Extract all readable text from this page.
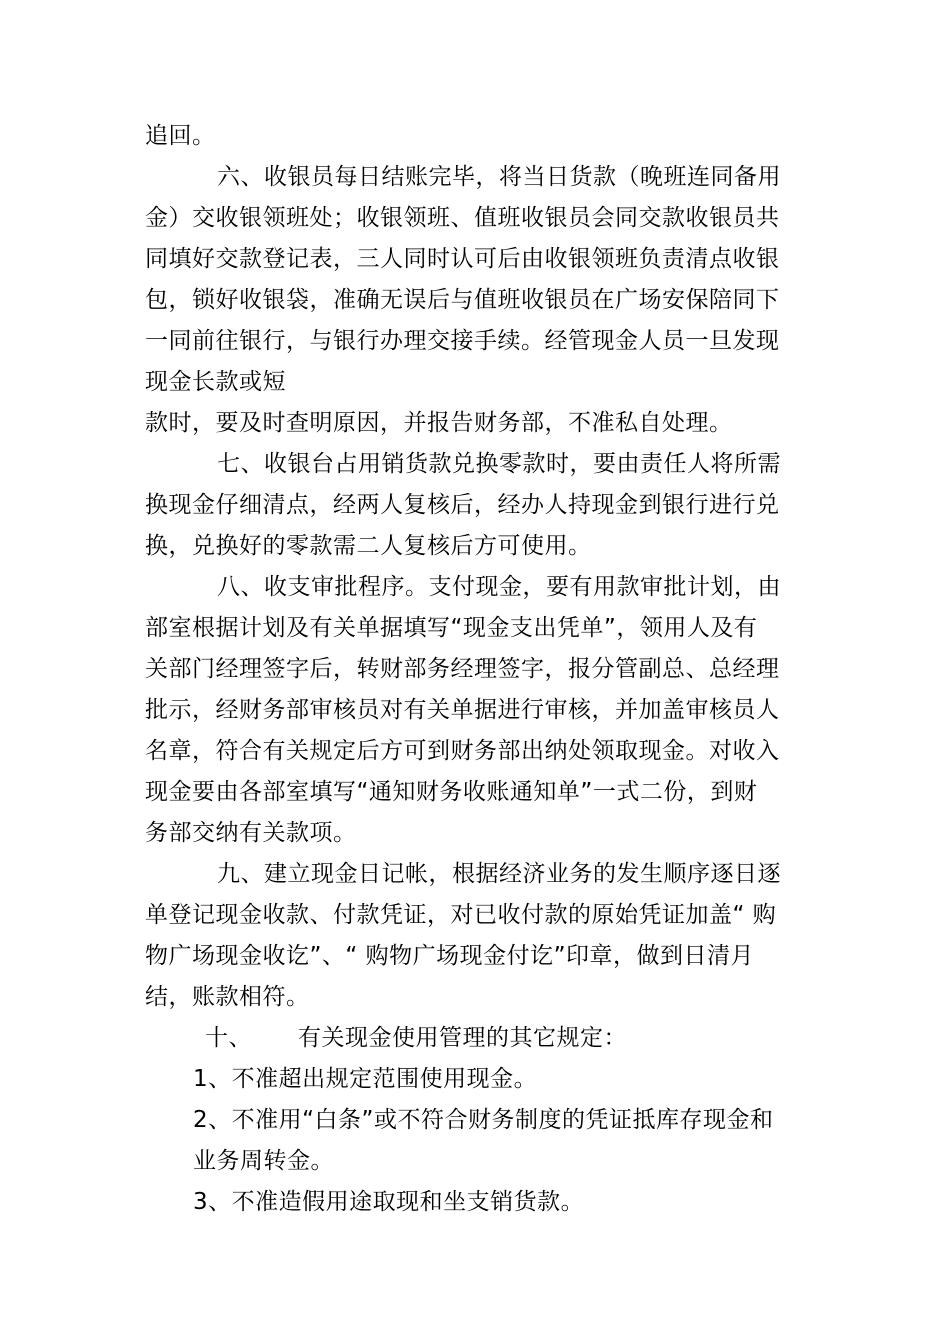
追回。
六、收银员每日结账完毕，将当日货款（晚班连同备用
金）交收银领班处；收银领班、值班收银员会同交款收银员共
同填好交款登记表，三人同时认可后由收银领班负责清点收银
包，锁好收银袋，准确无误后与值班收银员在广场安保陪同下
一同前往银行，与银行办理交接手续。经管现金人员一旦发现
现金长款或短
款时，要及时查明原因，并报告财务部，不准私自处理。
七、收银台占用销货款兑换零款时，要由责任人将所需
换现金仔细清点，经两人复核后，经办人持现金到银行进行兑
换，兑换好的零款需二人复核后方可使用。
八、收支审批程序。支付现金，要有用款审批计划，由
部室根据计划及有关单据填写“现金支出凭单”，领用人及有
关部门经理签字后，转财部务经理签字，报分管副总、总经理
批示，经财务部审核员对有关单据进行审核，并加盖审核员人
名章，符合有关规定后方可到财务部出纳处领取现金。对收入
现金要由各部室填写“通知财务收账通知单”一式二份，到财
务部交纳有关款项。
九、建立现金日记帐，根据经济业务的发生顺序逐日逐
单登记现金收款、付款凭证，对已收付款的原始凭证加盖“ 购
物广场现金收讫”、“ 购物广场现金付讫”印章，做到日清月
结，账款相符。
十、 有关现金使用管理的其它规定：
1、不准超出规定范围使用现金。
2、不准用“白条”或不符合财务制度的凭证抵库存现金和
业务周转金。
3、不准造假用途取现和坐支销货款。
